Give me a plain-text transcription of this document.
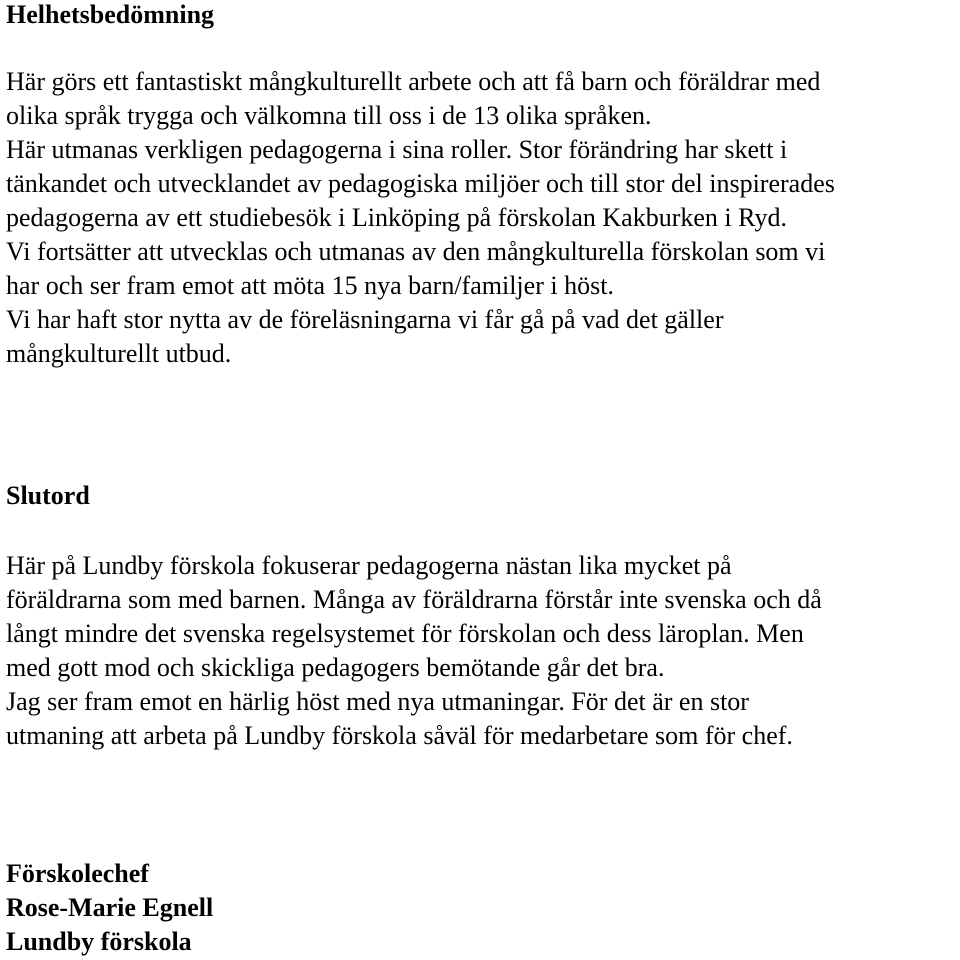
Helhetsbedömning
Här görs ett fantastiskt mångkulturellt arbete och att få barn och föräldrar med
olika språk trygga och välkomna till oss i de 13 olika språken.
Här utmanas verkligen pedagogerna i sina roller. Stor förändring har skett i
tänkandet och utvecklandet av pedagogiska miljöer och till stor del inspirerades
pedagogerna av ett studiebesök i Linköping på förskolan Kakburken i Ryd.
Vi fortsätter att utvecklas och utmanas av den mångkulturella förskolan som vi
har och ser fram emot att möta 15 nya barn/familjer i höst.
Vi har haft stor nytta av de föreläsningarna vi får gå på vad det gäller
mångkulturellt utbud.
Slutord
Här på Lundby förskola fokuserar pedagogerna nästan lika mycket på
föräldrarna som med barnen. Många av föräldrarna förstår inte svenska och då
långt mindre det svenska regelsystemet för förskolan och dess läroplan. Men
med gott mod och skickliga pedagogers bemötande går det bra.
Jag ser fram emot en härlig höst med nya utmaningar. För det är en stor
utmaning att arbeta på Lundby förskola såväl för medarbetare som för chef.
Förskolechef
Rose-Marie Egnell
Lundby förskola
